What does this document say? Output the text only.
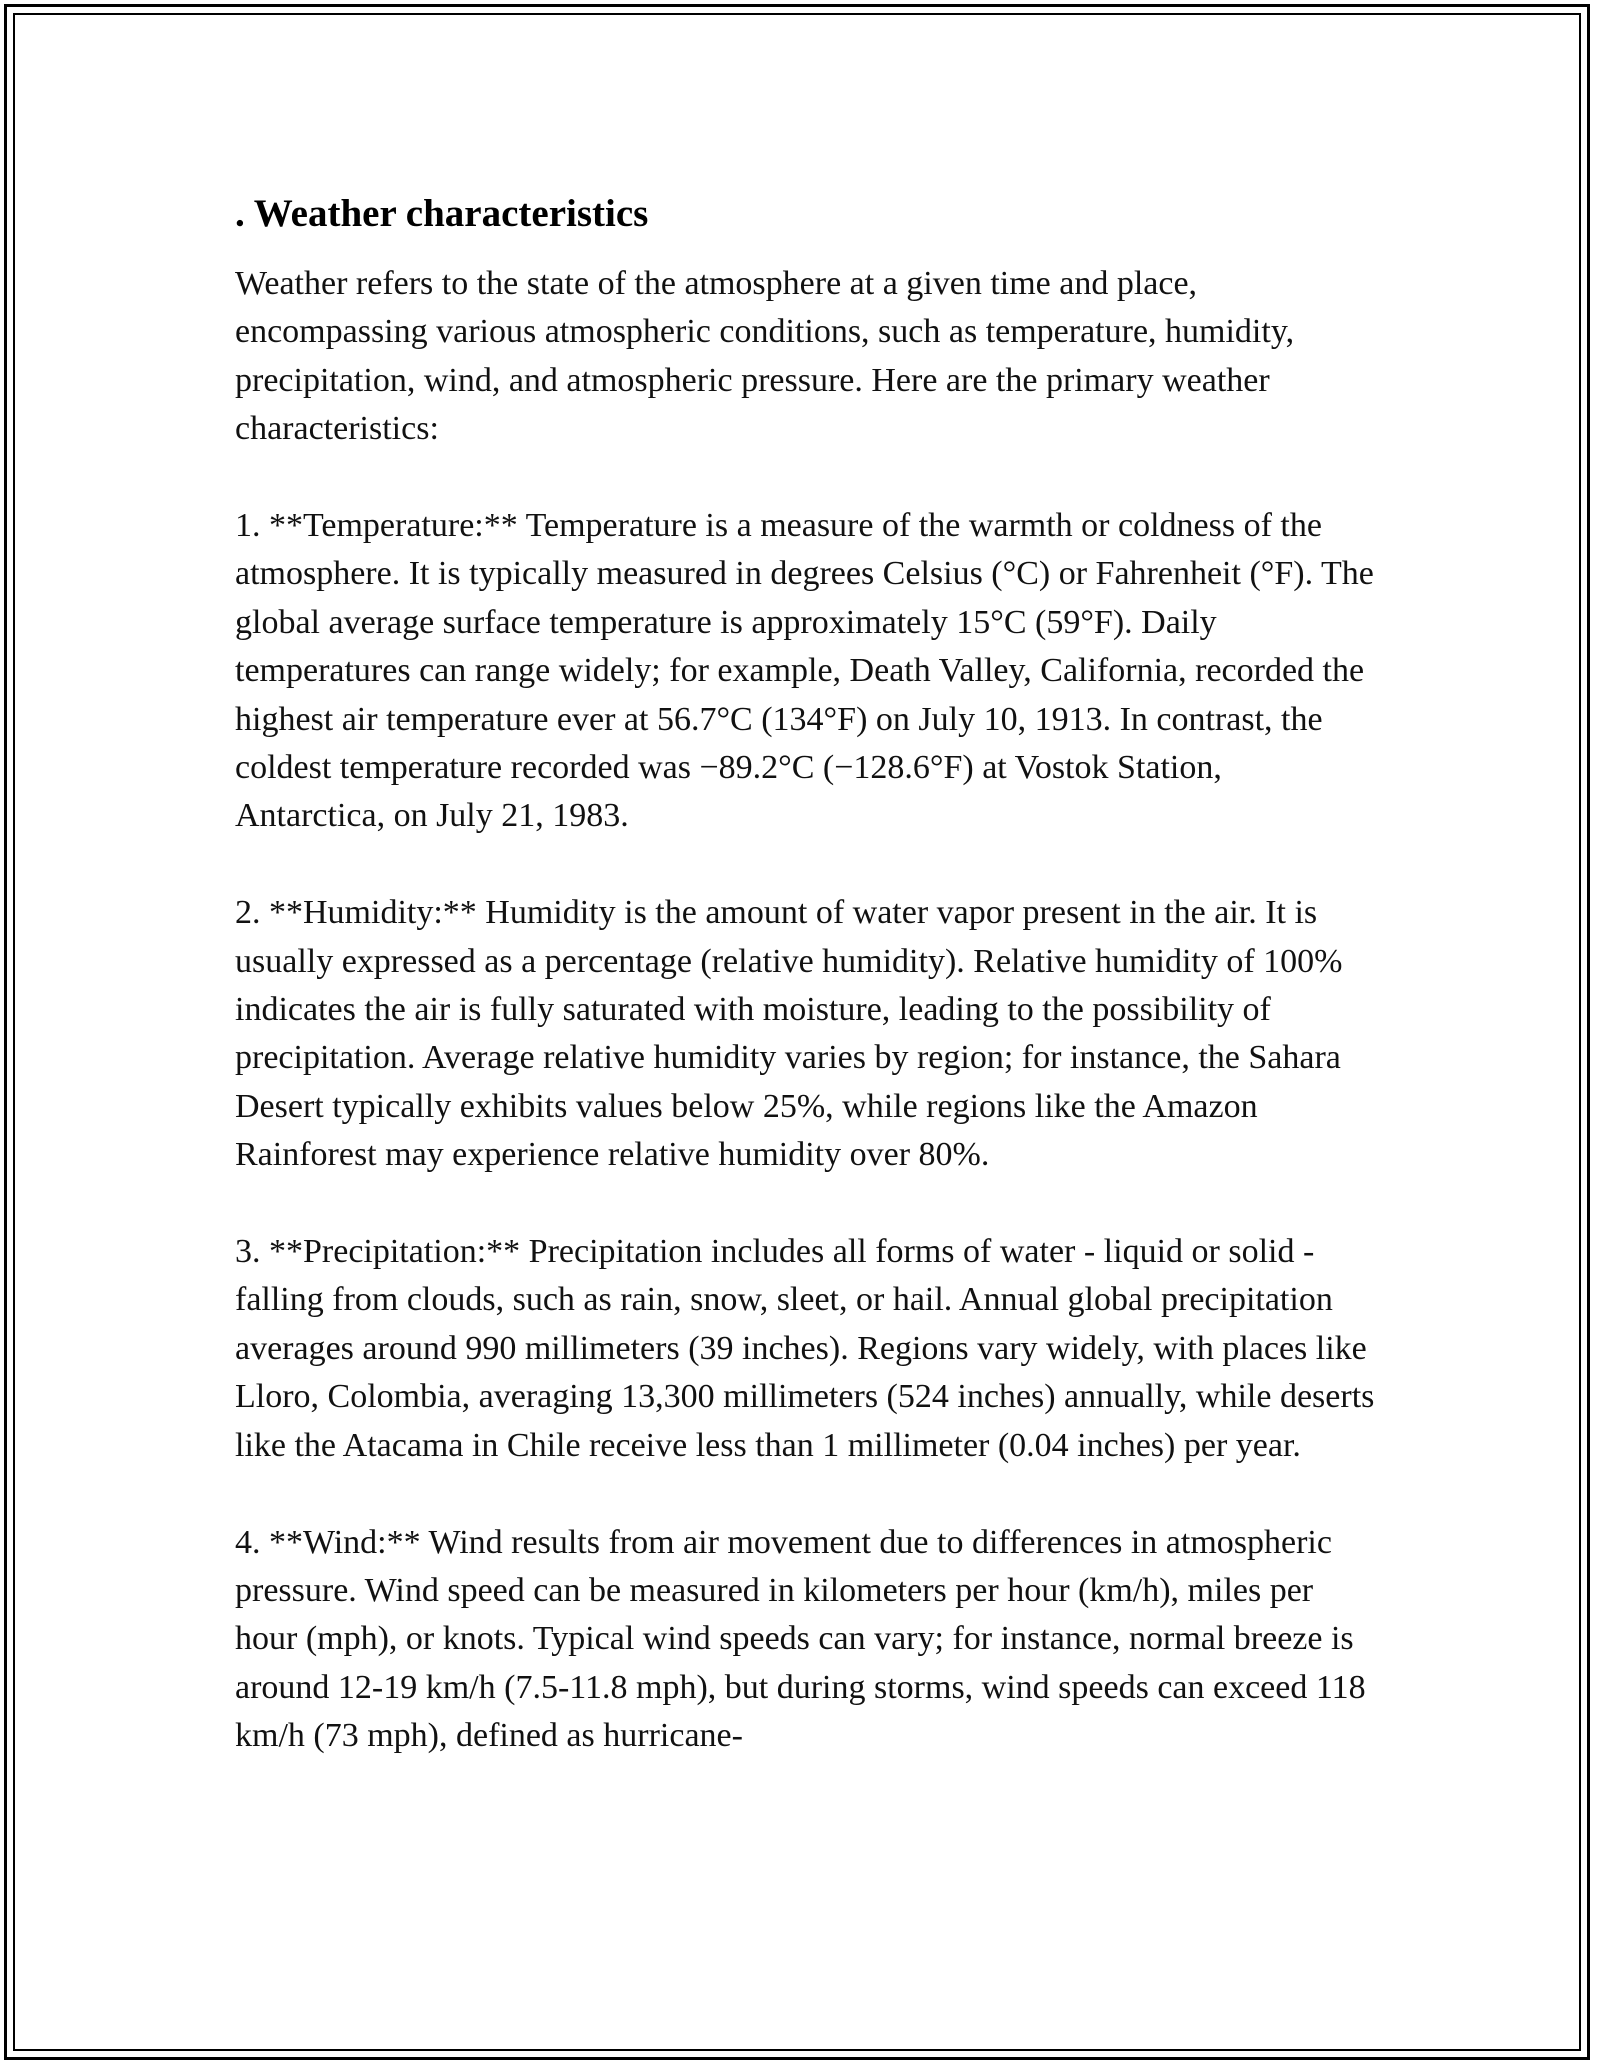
. Weather characteristics

Weather refers to the state of the atmosphere at a given time and place, encompassing various atmospheric conditions, such as temperature, humidity, precipitation, wind, and atmospheric pressure. Here are the primary weather characteristics:

1. **Temperature:** Temperature is a measure of the warmth or coldness of the atmosphere. It is typically measured in degrees Celsius (°C) or Fahrenheit (°F). The global average surface temperature is approximately 15°C (59°F). Daily temperatures can range widely; for example, Death Valley, California, recorded the highest air temperature ever at 56.7°C (134°F) on July 10, 1913. In contrast, the coldest temperature recorded was −89.2°C (−128.6°F) at Vostok Station, Antarctica, on July 21, 1983.

2. **Humidity:** Humidity is the amount of water vapor present in the air. It is usually expressed as a percentage (relative humidity). Relative humidity of 100% indicates the air is fully saturated with moisture, leading to the possibility of precipitation. Average relative humidity varies by region; for instance, the Sahara Desert typically exhibits values below 25%, while regions like the Amazon Rainforest may experience relative humidity over 80%.

3. **Precipitation:** Precipitation includes all forms of water - liquid or solid - falling from clouds, such as rain, snow, sleet, or hail. Annual global precipitation averages around 990 millimeters (39 inches). Regions vary widely, with places like Lloro, Colombia, averaging 13,300 millimeters (524 inches) annually, while deserts like the Atacama in Chile receive less than 1 millimeter (0.04 inches) per year.

4. **Wind:** Wind results from air movement due to differences in atmospheric pressure. Wind speed can be measured in kilometers per hour (km/h), miles per hour (mph), or knots. Typical wind speeds can vary; for instance, normal breeze is around 12-19 km/h (7.5-11.8 mph), but during storms, wind speeds can exceed 118 km/h (73 mph), defined as hurricane-
